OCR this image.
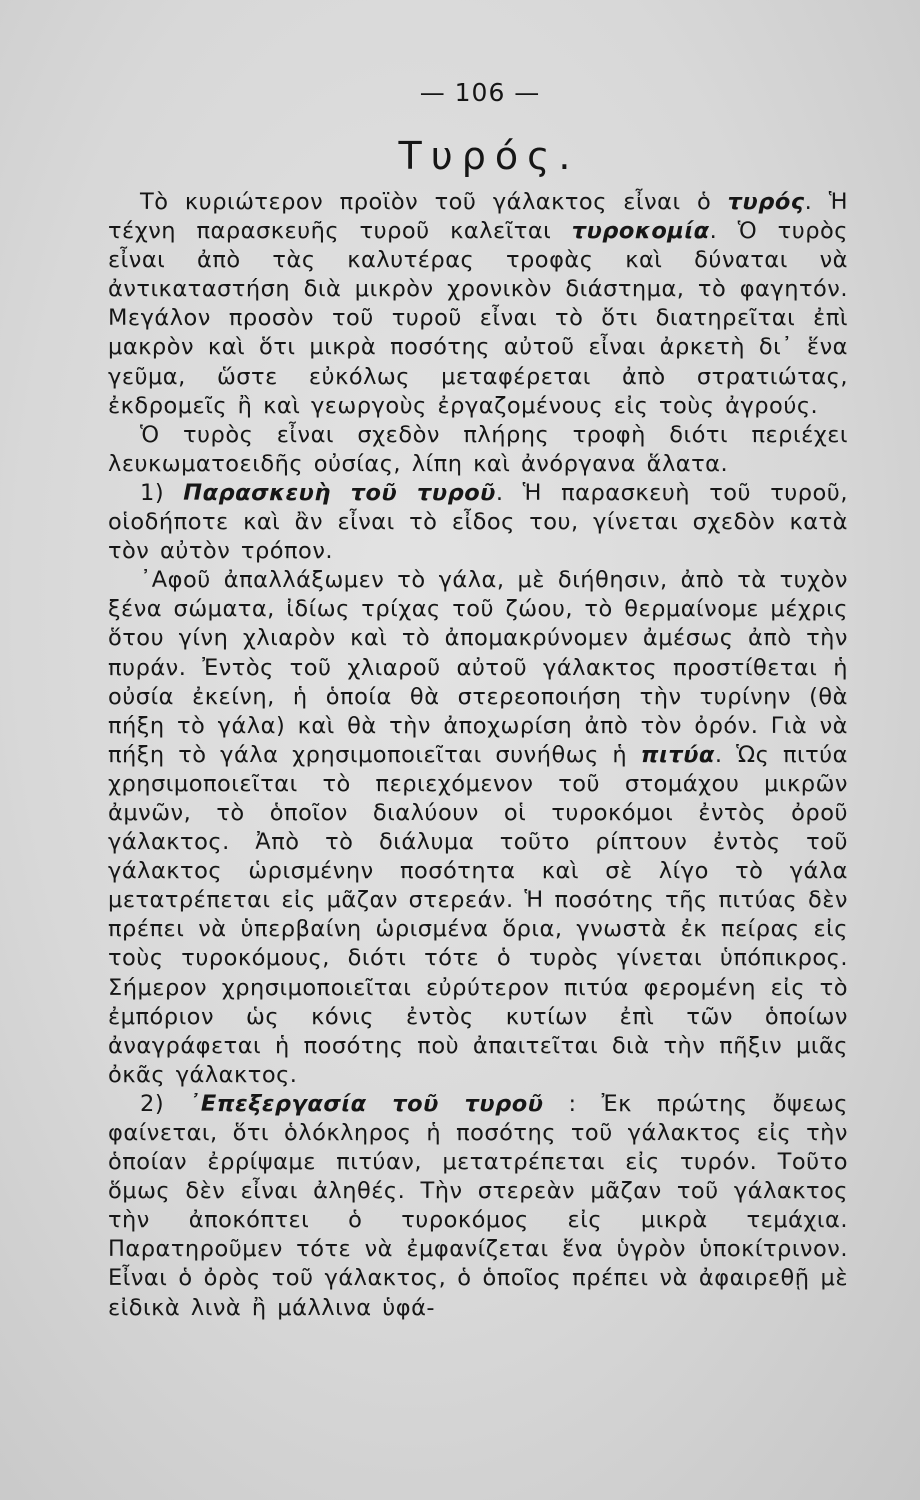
— 106 —
Τυρός.

Τὸ κυριώτερον προϊὸν τοῦ γάλακτος εἶναι ὁ τυρός. Ἡ τέχνη παρασκευῆς τυροῦ καλεῖται τυροκομία. Ὁ τυρὸς εἶναι ἀπὸ τὰς καλυτέρας τροφὰς καὶ δύναται νὰ ἀντικαταστήση διὰ μικρὸν χρονικὸν διάστημα, τὸ φαγητόν. Μεγάλον προσὸν τοῦ τυροῦ εἶναι τὸ ὅτι διατηρεῖται ἐπὶ μακρὸν καὶ ὅτι μικρὰ ποσότης αὐτοῦ εἶναι ἀρκετὴ δι᾽ ἕνα γεῦμα, ὥστε εὐκόλως μεταφέρεται ἀπὸ στρατιώτας, ἐκδρομεῖς ἢ καὶ γεωργοὺς ἐργαζομένους εἰς τοὺς ἀγρούς.

Ὁ τυρὸς εἶναι σχεδὸν πλήρης τροφὴ διότι περιέχει λευκωματοειδῆς οὐσίας, λίπη καὶ ἀνόργανα ἅλατα.

1) Παρασκευὴ τοῦ τυροῦ. Ἡ παρασκευὴ τοῦ τυροῦ, οἱοδήποτε καὶ ἂν εἶναι τὸ εἶδος του, γίνεται σχεδὸν κατὰ τὸν αὐτὸν τρόπον.

᾽Αφοῦ ἀπαλλάξωμεν τὸ γάλα, μὲ διήθησιν, ἀπὸ τὰ τυχὸν ξένα σώματα, ἰδίως τρίχας τοῦ ζώου, τὸ θερμαίνομε μέχρις ὅτου γίνη χλιαρὸν καὶ τὸ ἀπομακρύνομεν ἀμέσως ἀπὸ τὴν πυράν. Ἐντὸς τοῦ χλιαροῦ αὐτοῦ γάλακτος προστίθεται ἡ οὐσία ἐκείνη, ἡ ὁποία θὰ στερεοποιήση τὴν τυρίνην (θὰ πήξη τὸ γάλα) καὶ θὰ τὴν ἀποχωρίση ἀπὸ τὸν ὀρόν. Γιὰ νὰ πήξη τὸ γάλα χρησιμοποιεῖται συνήθως ἡ πιτύα. Ὡς πιτύα χρησιμοποιεῖται τὸ περιεχόμενον τοῦ στομάχου μικρῶν ἀμνῶν, τὸ ὁποῖον διαλύουν οἱ τυροκόμοι ἐντὸς ὀροῦ γάλακτος. Ἀπὸ τὸ διάλυμα τοῦτο ρίπτουν ἐντὸς τοῦ γάλακτος ὡρισμένην ποσότητα καὶ σὲ λίγο τὸ γάλα μετατρέπεται εἰς μᾶζαν στερεάν. Ἡ ποσότης τῆς πιτύας δὲν πρέπει νὰ ὑπερβαίνη ὡρισμένα ὅρια, γνωστὰ ἐκ πείρας εἰς τοὺς τυροκόμους, διότι τότε ὁ τυρὸς γίνεται ὑπόπικρος. Σήμερον χρησιμοποιεῖται εὐρύτερον πιτύα φερομένη εἰς τὸ ἐμπόριον ὡς κόνις ἐντὸς κυτίων ἐπὶ τῶν ὁποίων ἀναγράφεται ἡ ποσότης ποὺ ἀπαιτεῖται διὰ τὴν πῆξιν μιᾶς ὀκᾶς γάλακτος.

2) ᾽Επεξεργασία τοῦ τυροῦ : Ἐκ πρώτης ὄψεως φαίνεται, ὅτι ὁλόκληρος ἡ ποσότης τοῦ γάλακτος εἰς τὴν ὁποίαν ἐρρίψαμε πιτύαν, μετατρέπεται εἰς τυρόν. Τοῦτο ὅμως δὲν εἶναι ἀληθές. Τὴν στερεὰν μᾶζαν τοῦ γάλακτος τὴν ἀποκόπτει ὁ τυροκόμος εἰς μικρὰ τεμάχια. Παρατηροῦμεν τότε νὰ ἐμφανίζεται ἕνα ὑγρὸν ὑποκίτρινον. Εἶναι ὁ ὀρὸς τοῦ γάλακτος, ὁ ὁποῖος πρέπει νὰ ἀφαιρεθῇ μὲ εἰδικὰ λινὰ ἢ μάλλινα ὑφά-
